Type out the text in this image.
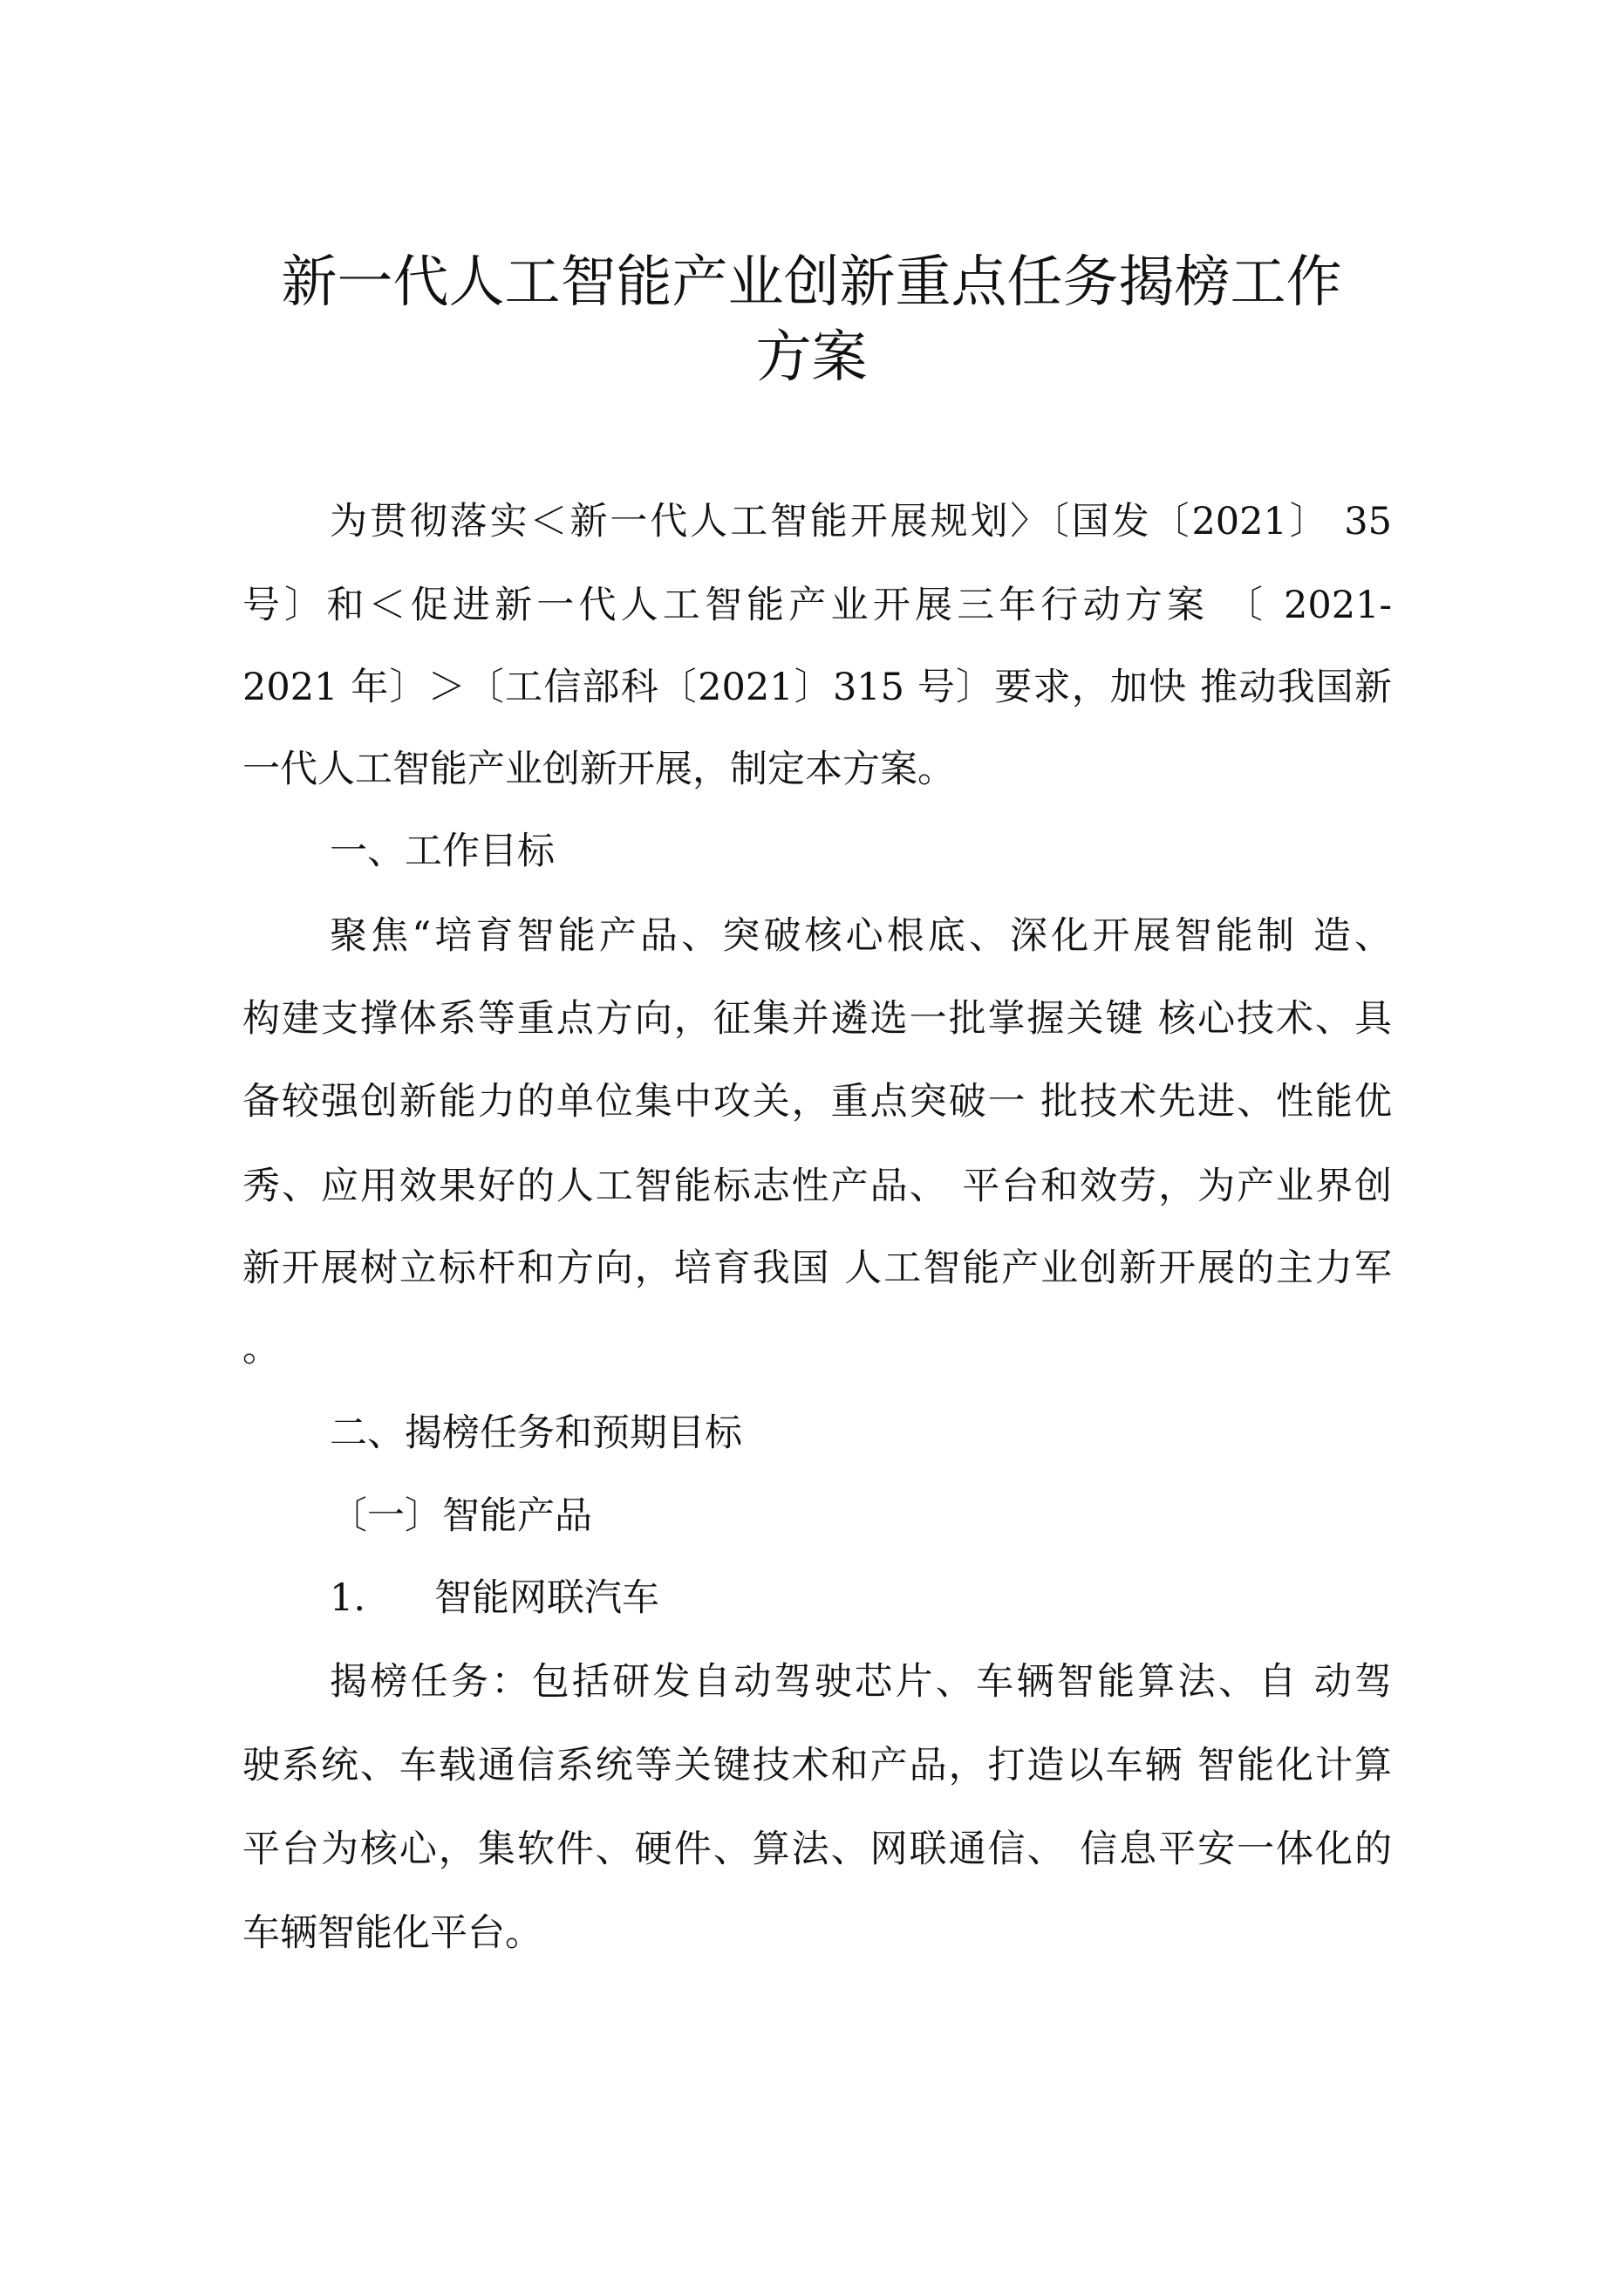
新一代人工智能产业创新重点任务揭榜工作
方案
为贯彻落实＜新一代人工智能开展规划〉〔国发〔2021〕 35
号〕和＜促进新一代人工智能产业开展三年行动方案 〔 2021-
2021 年〕＞〔工信部科〔2021〕315 号〕要求，加快 推动我国新
一代人工智能产业创新开展，制定本方案。
一、工作目标
聚焦“培育智能产品、突破核心根底、深化开展智能制 造、
构建支撑体系等重点方向，征集并遴选一批掌握关键 核心技术、具
备较强创新能力的单位集中攻关，重点突破一 批技术先进、性能优
秀、应用效果好的人工智能标志性产品、 平台和效劳，为产业界创
新开展树立标杆和方向，培育我国 人工智能产业创新开展的主力军
。
二、揭榜任务和预期目标
〔一〕智能产品
1. 智能网联汽车
揭榜任务：包括研发自动驾驶芯片、车辆智能算法、自 动驾
驶系统、车载通信系统等关键技术和产品，打造以车辆 智能化计算
平台为核心，集软件、硬件、算法、网联通信、 信息平安一体化的
车辆智能化平台。
